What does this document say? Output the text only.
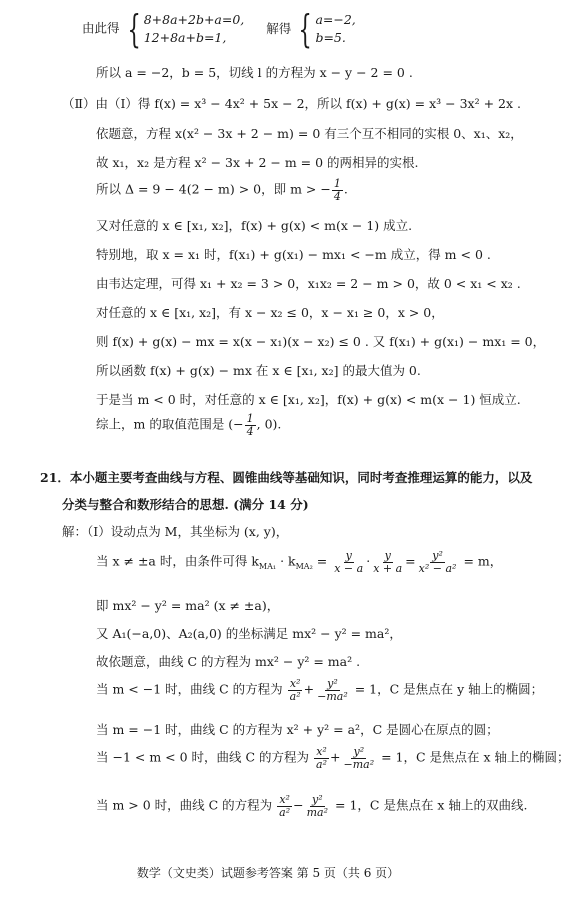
由此得 { 8+8a+2b+a=0,
12+8a+b=1,
解得 { a=−2,
b=5.
所以 a = −2，b = 5，切线 l 的方程为 x − y − 2 = 0 .
（Ⅱ）由（Ⅰ）得 f(x) = x³ − 4x² + 5x − 2，所以 f(x) + g(x) = x³ − 3x² + 2x .
依题意，方程 x(x² − 3x + 2 − m) = 0 有三个互不相同的实根 0、x₁、x₂，
故 x₁，x₂ 是方程 x² − 3x + 2 − m = 0 的两相异的实根.
所以 Δ = 9 − 4(2 − m) > 0，即 m > − $\frac{1}{4}$ .
又对任意的 x ∈ [x₁, x₂]，f(x) + g(x) < m(x − 1) 成立.
特别地，取 x = x₁ 时，f(x₁) + g(x₁) − mx₁ < −m 成立，得 m < 0 .
由韦达定理，可得 x₁ + x₂ = 3 > 0，x₁x₂ = 2 − m > 0，故 0 < x₁ < x₂ .
对任意的 x ∈ [x₁, x₂]，有 x − x₂ ≤ 0，x − x₁ ≥ 0，x > 0，
则 f(x) + g(x) − mx = x(x − x₁)(x − x₂) ≤ 0 . 又 f(x₁) + g(x₁) − mx₁ = 0，
所以函数 f(x) + g(x) − mx 在 x ∈ [x₁, x₂] 的最大值为 0.
于是当 m < 0 时，对任意的 x ∈ [x₁, x₂]，f(x) + g(x) < m(x − 1) 恒成立.
综上，m 的取值范围是 (− $\frac{1}{4}$ , 0).
21．本小题主要考查曲线与方程、圆锥曲线等基础知识，同时考查推理运算的能力，以及
分类与整合和数形结合的思想. (满分 14 分)
解：（Ⅰ）设动点为 M，其坐标为 (x, y)，
当 x ≠ ±a 时，由条件可得 $k_{MA_1} \cdot k_{MA_2} = \frac{y}{x - a} \cdot \frac{y}{x + a} = \frac{\text{y²}}{\text{x² − a²}} = m$，
即 mx² − y² = ma² (x ≠ ±a)，
又 A₁(−a,0)、A₂(a,0) 的坐标满足 mx² − y² = ma²，
故依题意，曲线 C 的方程为 mx² − y² = ma² .
当 m < −1 时，曲线 C 的方程为 $\frac{\text{x²}}{\text{a²}} + \frac{\text{y²}}{\text{−ma²}} = 1$，C 是焦点在 y 轴上的椭圆；
当 m = −1 时，曲线 C 的方程为 x² + y² = a²，C 是圆心在原点的圆；
当 −1 < m < 0 时，曲线 C 的方程为 $\frac{\text{x²}}{\text{a²}} + \frac{\text{y²}}{\text{−ma²}} = 1$，C 是焦点在 x 轴上的椭圆；
当 m > 0 时，曲线 C 的方程为 $\frac{\text{x²}}{\text{a²}} - \frac{\text{y²}}{\text{ma²}} = 1$，C 是焦点在 x 轴上的双曲线.
数学（文史类）试题参考答案 第 5 页（共 6 页）
